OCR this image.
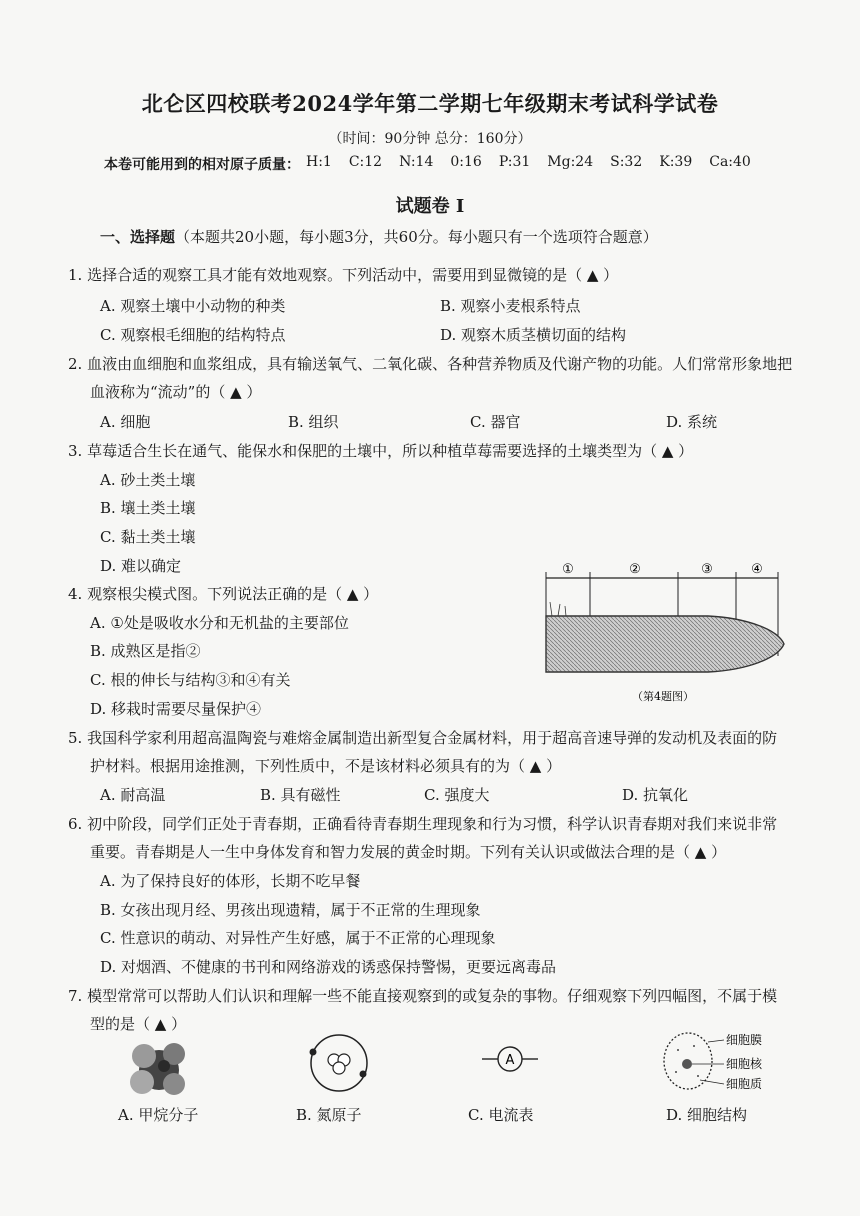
北仑区四校联考2024学年第二学期七年级期末考试科学试卷
（时间：90分钟 总分：160分）
本卷可能用到的相对原子质量： H:1 C:12 N:14 0:16 P:31 Mg:24 S:32 K:39 Ca:40
试题卷 I
一、选择题（本题共20小题，每小题3分，共60分。每小题只有一个选项符合题意）
1. 选择合适的观察工具才能有效地观察。下列活动中，需要用到显微镜的是（ ▲ ）
A. 观察土壤中小动物的种类	B. 观察小麦根系特点
C. 观察根毛细胞的结构特点	D. 观察木质茎横切面的结构
2. 血液由血细胞和血浆组成，具有输送氧气、二氧化碳、各种营养物质及代谢产物的功能。人们常常形象地把
血液称为“流动”的（ ▲ ）
A. 细胞	B. 组织	C. 器官	D. 系统
3. 草莓适合生长在通气、能保水和保肥的土壤中，所以种植草莓需要选择的土壤类型为（ ▲ ）
A. 砂土类土壤
B. 壤土类土壤
C. 黏土类土壤
D. 难以确定
4. 观察根尖模式图。下列说法正确的是（ ▲ ）
A. ①处是吸收水分和无机盐的主要部位
B. 成熟区是指②
C. 根的伸长与结构③和④有关
D. 移栽时需要尽量保护④
①	②	③	④
（第4题图）
5. 我国科学家利用超高温陶瓷与难熔金属制造出新型复合金属材料，用于超高音速导弹的发动机及表面的防
护材料。根据用途推测，下列性质中，不是该材料必须具有的为（ ▲ ）
A. 耐高温	B. 具有磁性	C. 强度大	D. 抗氧化
6. 初中阶段，同学们正处于青春期，正确看待青春期生理现象和行为习惯，科学认识青春期对我们来说非常
重要。青春期是人一生中身体发育和智力发展的黄金时期。下列有关认识或做法合理的是（ ▲ ）
A. 为了保持良好的体形，长期不吃早餐
B. 女孩出现月经、男孩出现遗精，属于不正常的生理现象
C. 性意识的萌动、对异性产生好感，属于不正常的心理现象
D. 对烟酒、不健康的书刊和网络游戏的诱惑保持警惕，更要远离毒品
7. 模型常常可以帮助人们认识和理解一些不能直接观察到的或复杂的事物。仔细观察下列四幅图，不属于模
型的是（ ▲ ）
A
细胞膜
细胞核
细胞质
A. 甲烷分子	B. 氮原子	C. 电流表	D. 细胞结构
